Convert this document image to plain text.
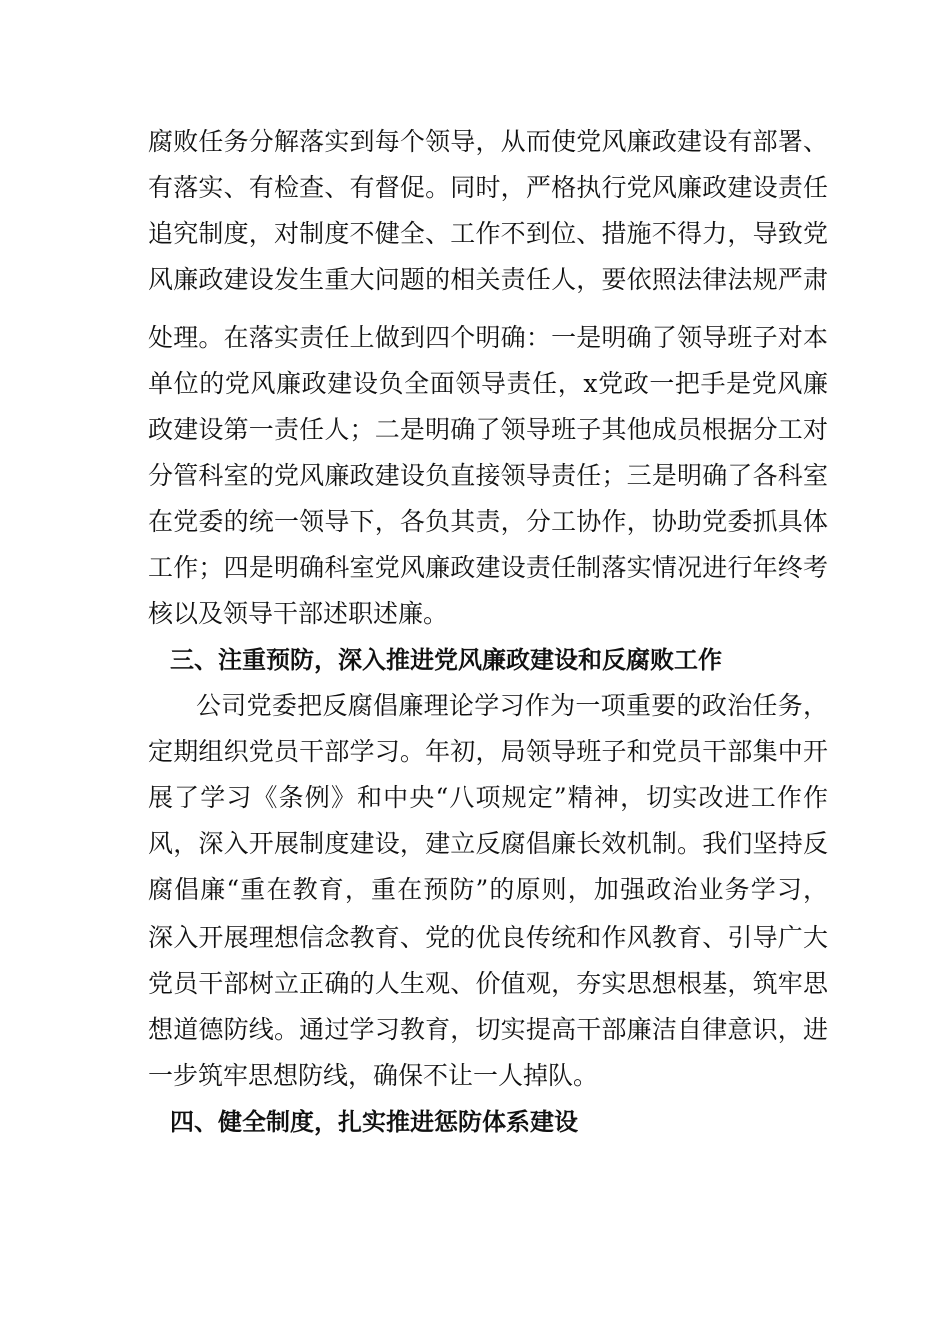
腐败任务分解落实到每个领导，从而使党风廉政建设有部署、
有落实、有检查、有督促。同时，严格执行党风廉政建设责任
追究制度，对制度不健全、工作不到位、措施不得力，导致党
风廉政建设发生重大问题的相关责任人，要依照法律法规严肃
处理。在落实责任上做到四个明确：一是明确了领导班子对本
单位的党风廉政建设负全面领导责任，x党政一把手是党风廉
政建设第一责任人；二是明确了领导班子其他成员根据分工对
分管科室的党风廉政建设负直接领导责任；三是明确了各科室
在党委的统一领导下，各负其责，分工协作，协助党委抓具体
工作；四是明确科室党风廉政建设责任制落实情况进行年终考
核以及领导干部述职述廉。
三、注重预防，深入推进党风廉政建设和反腐败工作
公司党委把反腐倡廉理论学习作为一项重要的政治任务，
定期组织党员干部学习。年初，局领导班子和党员干部集中开
展了学习《条例》和中央“八项规定”精神，切实改进工作作
风，深入开展制度建设，建立反腐倡廉长效机制。我们坚持反
腐倡廉“重在教育，重在预防”的原则，加强政治业务学习，
深入开展理想信念教育、党的优良传统和作风教育、引导广大
党员干部树立正确的人生观、价值观，夯实思想根基，筑牢思
想道德防线。通过学习教育，切实提高干部廉洁自律意识，进
一步筑牢思想防线，确保不让一人掉队。
四、健全制度，扎实推进惩防体系建设
